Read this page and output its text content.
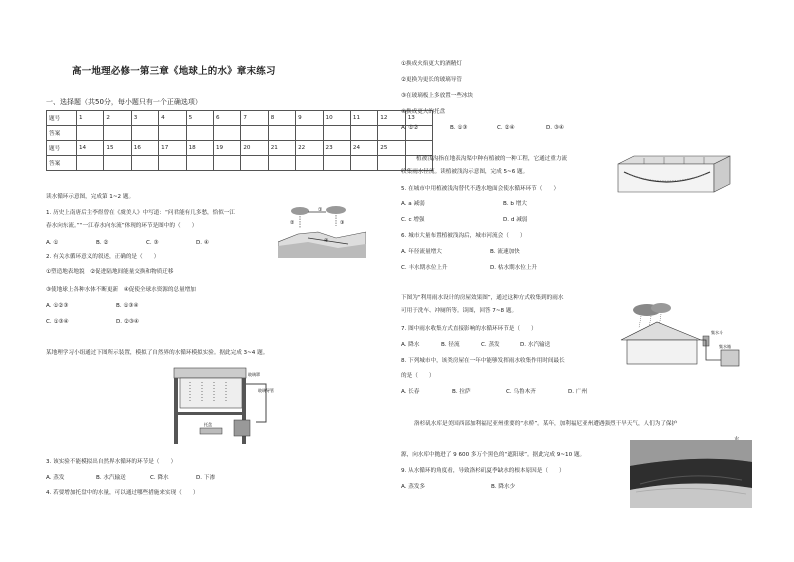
高一地理必修一第三章《地球上的水》章末练习
一、选择题（共50分，每小题只有一个正确选项）
题号	1	2	3	4	5	6	7	8	9	10	11	12	13
答案													
题号	14	15	16	17	18	19	20	21	22	23	24	25	
答案													
读水循环示意图，完成第 1~2 题。
1. 历史上南唐后主李煜曾在《虞美人》中写道：“问君能有几多愁，恰似一江
春水向东流。”“一江春水向东流”体现的环节是图中的（　　）
A. ①	B. ②	C. ③	D. ④
2. 有关水循环意义的叙述，正确的是（　　）
①塑造地表地貌　②促进陆地间能量交换和物质迁移
③使地球上各种水体不断更新　④促使全球水资源的总量增加
A. ①②③	B. ①③④
C. ①③④	D. ②③④
①
②	③
④
某地理学习小组通过下图所示装置，模拟了自然界的水循环模拟实验。据此完成 3~4 题。
玻璃罩
玻璃导管
托盘
3. 该实验不能模拟出自然界水循环的环节是（　　）
A. 蒸发	B. 水汽输送	C. 降水	D. 下渗
4. 若要增加托盘中的水量，可以通过哪些措施来实现（　　）
①换成火焰更大的酒精灯
②更换为更长的玻璃导管
③在玻璃板上多放置一些冰块
④换成更大的托盘
A. ①②	B. ①③	C. ②④	D. ③④
植被浅沟指在地表沟渠中种有植被的一种工程，它通过重力流
收集雨水径流。读植被浅沟示意图，完成 5~6 题。
5. 在城市中用植被浅沟替代不透水地面会使水循环环节（　　）
A. a 减弱	B. b 增大
C. c 增强	D. d 减弱
6. 城市大量布置植被浅沟后，城市河流会（　　）
A. 年径流量增大	B. 流速加快
C. 丰水期水位上升	D. 枯水期水位上升
下图为“利用雨水设计的房屋效果图”，通过这种方式收集到的雨水
可用于洗车、冲厕所等。读图，回答 7~8 题。
集水斗
集水箱
7. 图中雨水收集方式直接影响的水循环环节是（　　）
A. 降水	B. 径流	C. 蒸发	D. 水汽输送
8. 下列城市中，该类房屋在一年中能够发挥雨水收集作用时间最长
的是（　　）
A. 长春	B. 拉萨	C. 乌鲁木齐	D. 广州
洛杉矶水库是美国西部加利福尼亚州重要的“水桥”。某年，加利福尼亚州遭遇强烈干旱天气，人们为了保护
源，向水库中抛进了 9 600 多万个黑色的“遮阳球”。据此完成 9~10 题。
9. 从水循环的角度看，导致洛杉矶夏季缺水的根本原因是（　　）
A. 蒸发多	B. 降水少
